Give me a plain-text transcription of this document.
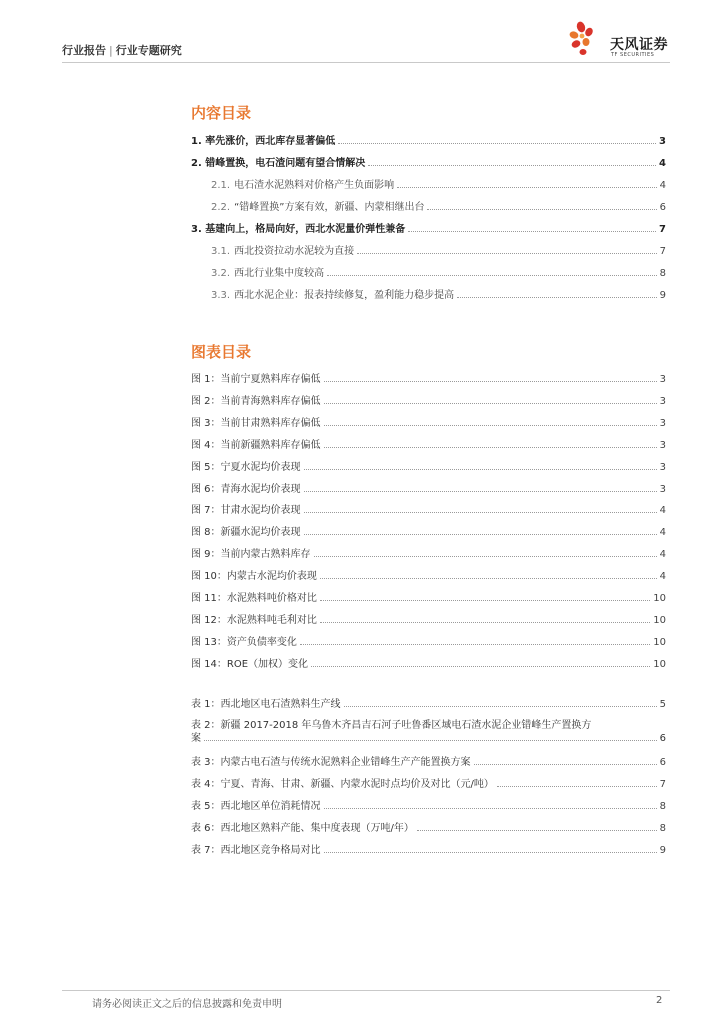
行业报告 | 行业专题研究	天风证券
TF SECURITIES
内容目录
1. 率先涨价，西北库存显著偏低	3
2. 错峰置换，电石渣问题有望合情解决	4
2.1. 电石渣水泥熟料对价格产生负面影响	4
2.2. “错峰置换”方案有效，新疆、内蒙相继出台	6
3. 基建向上，格局向好，西北水泥量价弹性兼备	7
3.1. 西北投资拉动水泥较为直接	7
3.2. 西北行业集中度较高	8
3.3. 西北水泥企业：报表持续修复，盈利能力稳步提高	9
图表目录
图 1：当前宁夏熟料库存偏低	3
图 2：当前青海熟料库存偏低	3
图 3：当前甘肃熟料库存偏低	3
图 4：当前新疆熟料库存偏低	3
图 5：宁夏水泥均价表现	3
图 6：青海水泥均价表现	3
图 7：甘肃水泥均价表现	4
图 8：新疆水泥均价表现	4
图 9：当前内蒙古熟料库存	4
图 10：内蒙古水泥均价表现	4
图 11：水泥熟料吨价格对比	10
图 12：水泥熟料吨毛利对比	10
图 13：资产负债率变化	10
图 14：ROE（加权）变化	10
表 1：西北地区电石渣熟料生产线	5
表 2：新疆 2017-2018 年乌鲁木齐昌吉石河子吐鲁番区域电石渣水泥企业错峰生产置换方
案	6
表 3：内蒙古电石渣与传统水泥熟料企业错峰生产产能置换方案	6
表 4：宁夏、青海、甘肃、新疆、内蒙水泥时点均价及对比（元/吨）	7
表 5：西北地区单位消耗情况	8
表 6：西北地区熟料产能、集中度表现（万吨/年）	8
表 7：西北地区竞争格局对比	9
请务必阅读正文之后的信息披露和免责申明	2
